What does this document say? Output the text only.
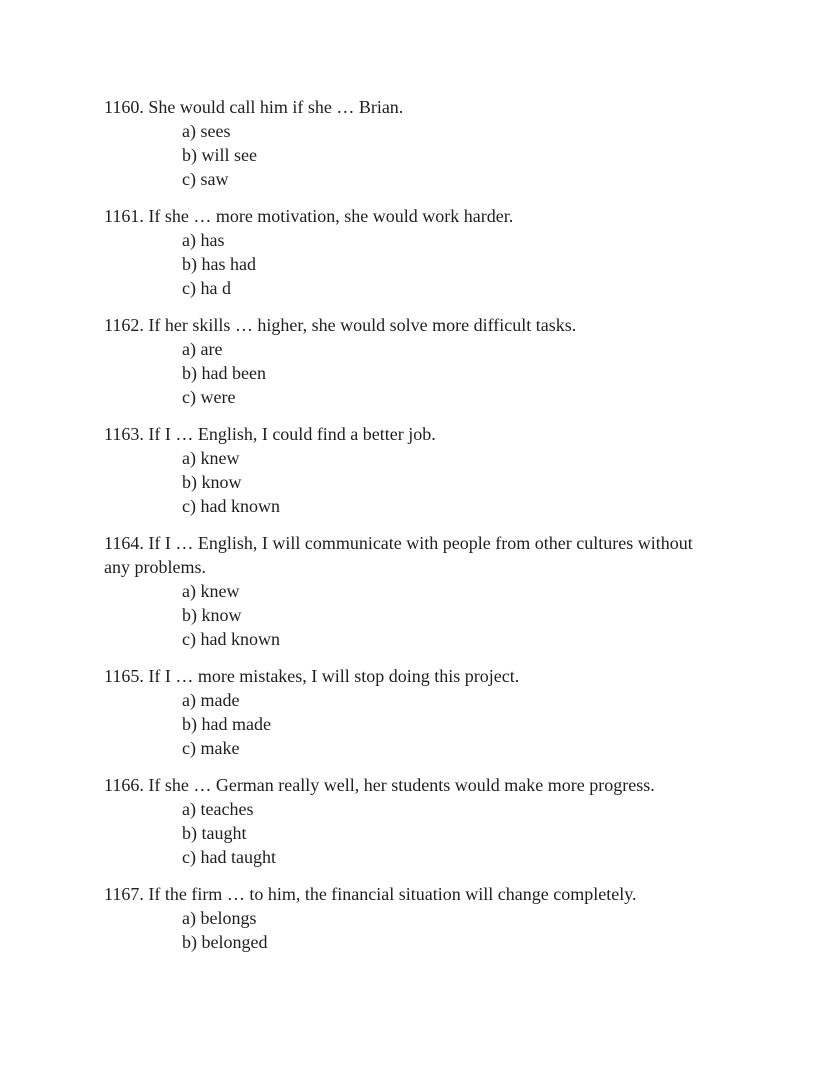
1160. She would call him if she … Brian.

a) sees

b) will see

c) saw

1161. If she … more motivation, she would work harder.

a) has

b) has had

c) ha d

1162. If her skills … higher, she would solve more difficult tasks.

a) are

b) had been

c) were

1163. If I … English, I could find a better job.

a) knew

b) know

c) had known

1164. If I … English, I will communicate with people from other cultures without any problems.

a) knew

b) know

c) had known

1165. If I … more mistakes, I will stop doing this project.

a) made

b) had made

c) make

1166. If she … German really well, her students would make more progress.

a) teaches

b) taught

c) had taught

1167. If the firm … to him, the financial situation will change completely.

a) belongs

b) belonged
